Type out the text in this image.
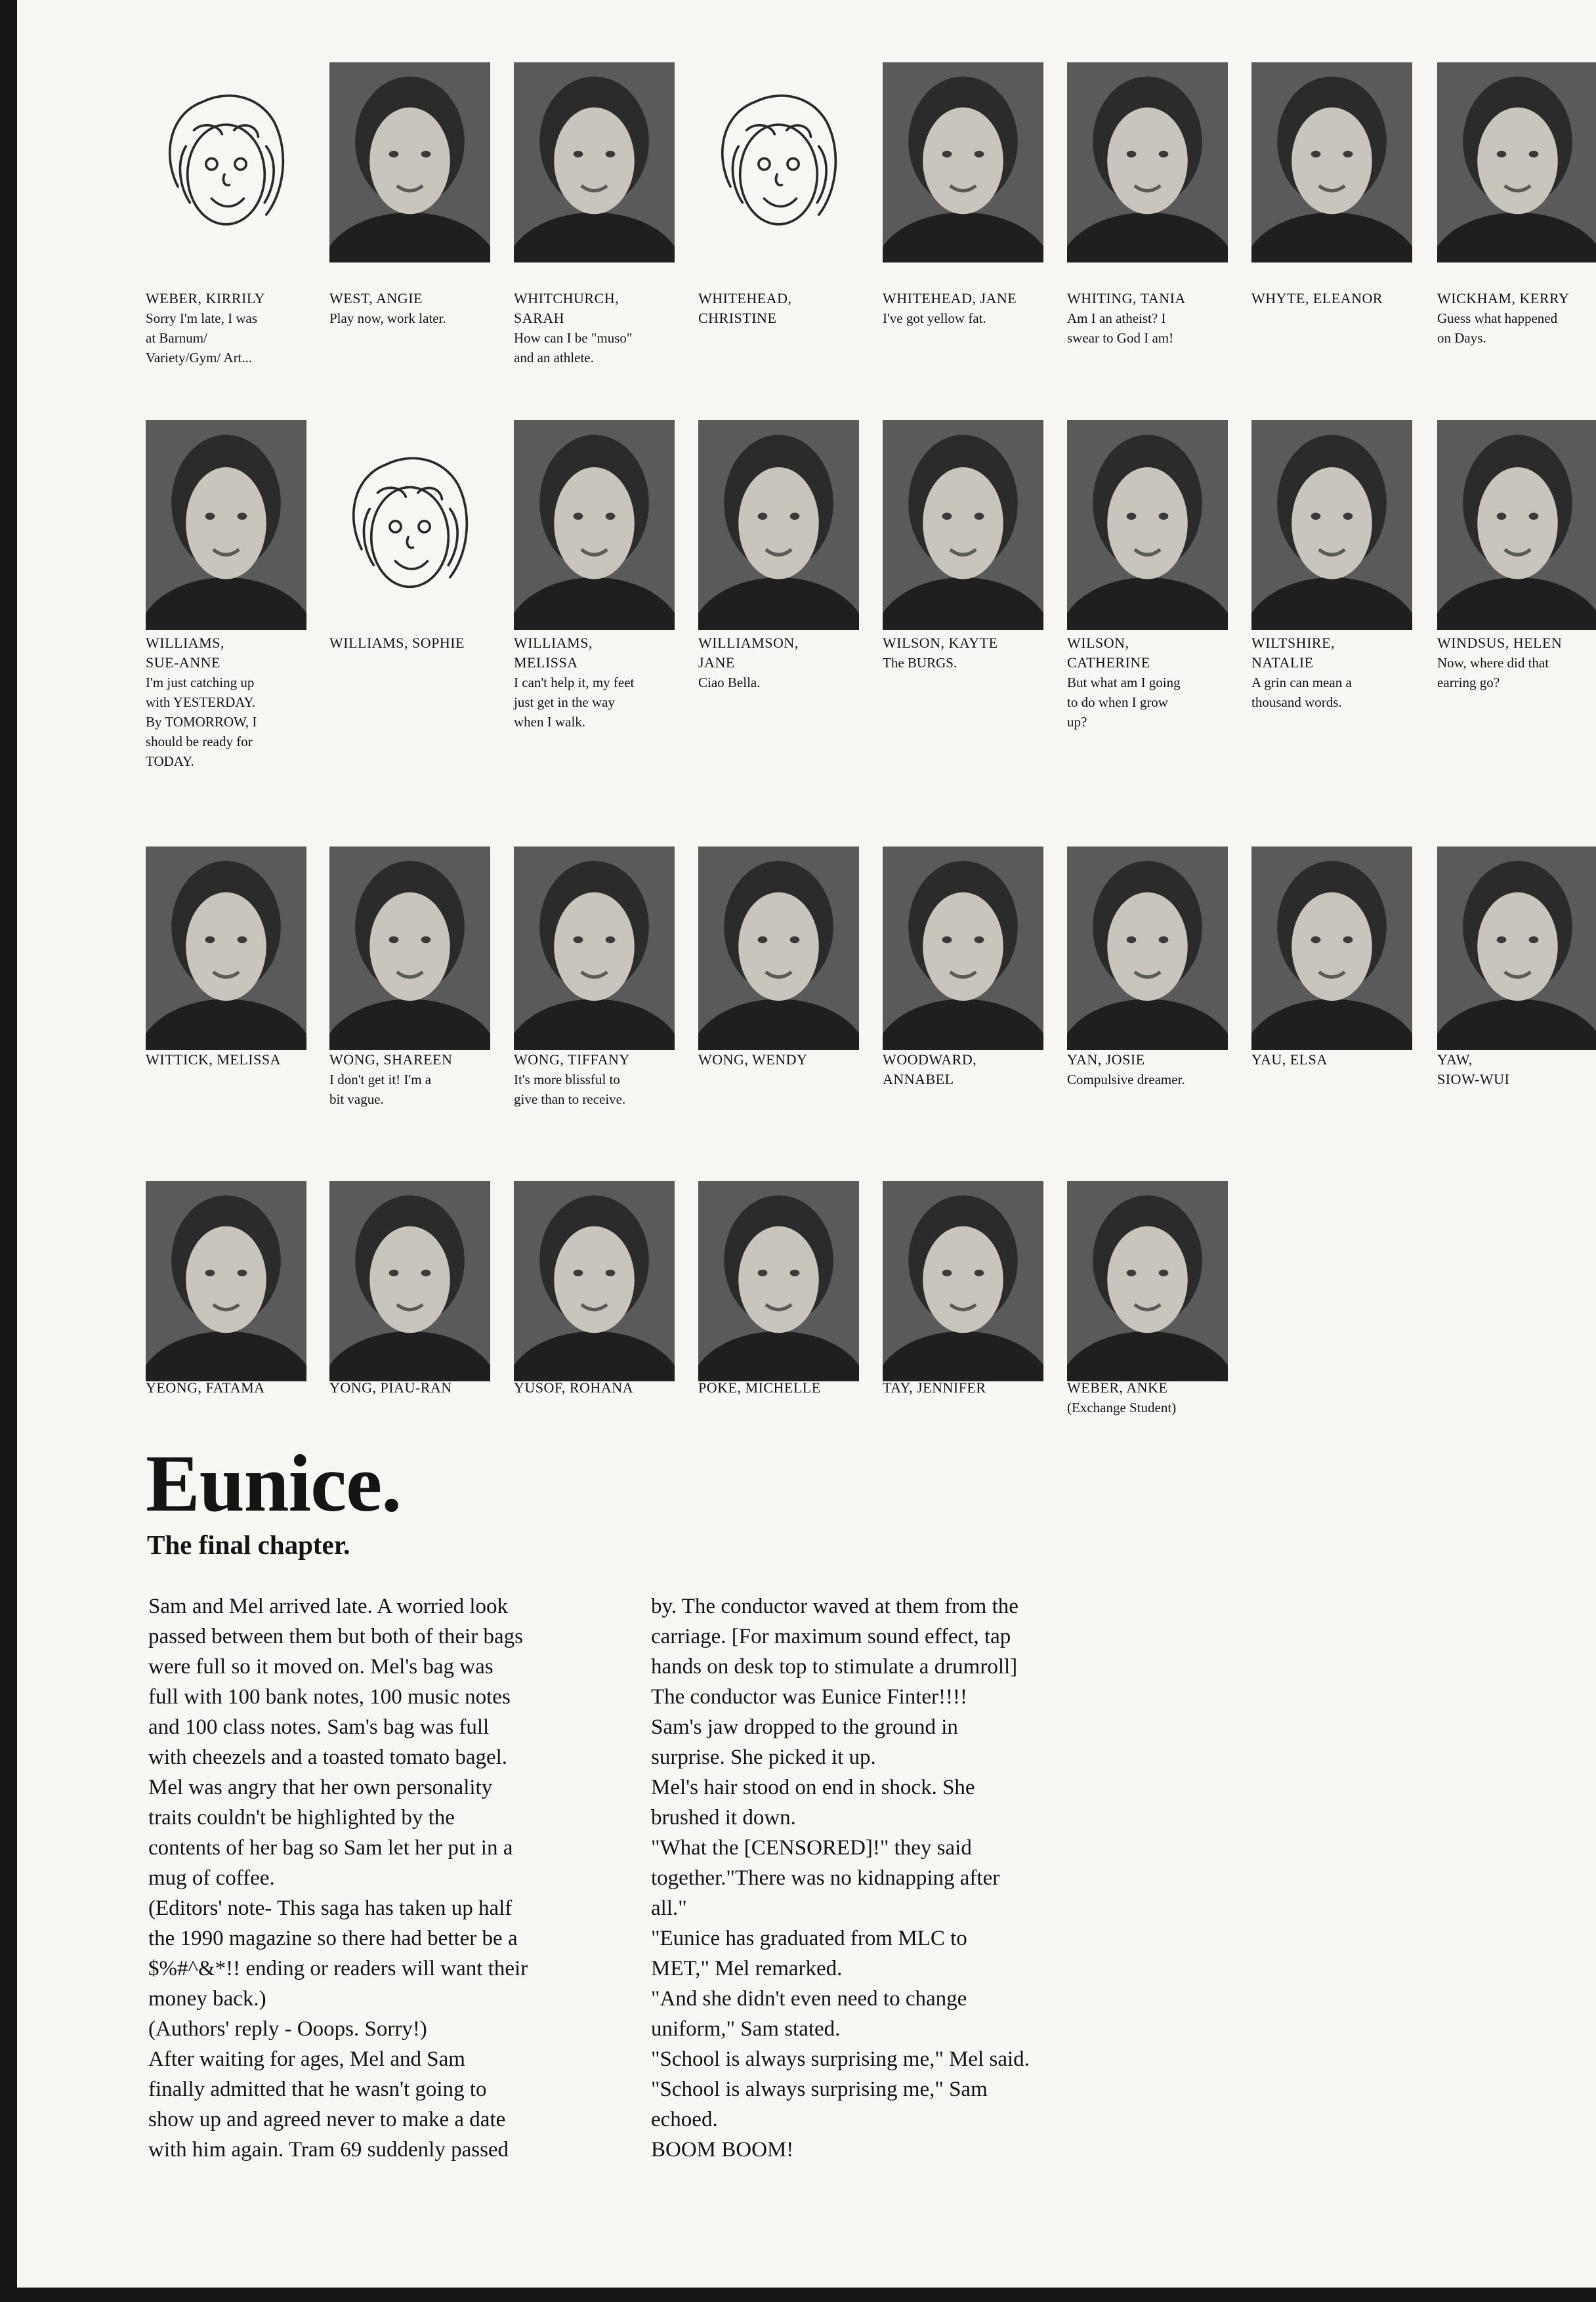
WEBER, KIRRILY
Sorry I'm late, I was
at Barnum/
Variety/Gym/ Art...
WEST, ANGIE
Play now, work later.
WHITCHURCH,
SARAH
How can I be "muso"
and an athlete.
WHITEHEAD,
CHRISTINE
WHITEHEAD, JANE
I've got yellow fat.
WHITING, TANIA
Am I an atheist? I
swear to God I am!
WHYTE, ELEANOR	WICKHAM, KERRY
Guess what happened
on Days.
WILLIAMS,
SUE-ANNE
I'm just catching up
with YESTERDAY.
By TOMORROW, I
should be ready for
TODAY.
WILLIAMS, SOPHIE	WILLIAMS,
MELISSA
I can't help it, my feet
just get in the way
when I walk.
WILLIAMSON,
JANE
Ciao Bella.
WILSON, KAYTE
The BURGS.
WILSON,
CATHERINE
But what am I going
to do when I grow
up?
WILTSHIRE,
NATALIE
A grin can mean a
thousand words.
WINDSUS, HELEN
Now, where did that
earring go?
WITTICK, MELISSA	WONG, SHAREEN
I don't get it! I'm a
bit vague.
WONG, TIFFANY
It's more blissful to
give than to receive.
WONG, WENDY	WOODWARD,
ANNABEL
YAN, JOSIE
Compulsive dreamer.
YAU, ELSA	YAW,
SIOW-WUI
YEONG, FATAMA	YONG, PIAU-RAN	YUSOF, ROHANA	POKE, MICHELLE	TAY, JENNIFER	WEBER, ANKE
(Exchange Student)
Eunice.
The final chapter.
Sam and Mel arrived late. A worried look
passed between them but both of their bags
were full so it moved on. Mel's bag was
full with 100 bank notes, 100 music notes
and 100 class notes. Sam's bag was full
with cheezels and a toasted tomato bagel.
Mel was angry that her own personality
traits couldn't be highlighted by the
contents of her bag so Sam let her put in a
mug of coffee.
(Editors' note- This saga has taken up half
the 1990 magazine so there had better be a
$%#^&*!! ending or readers will want their
money back.)
(Authors' reply - Ooops. Sorry!)
After waiting for ages, Mel and Sam
finally admitted that he wasn't going to
show up and agreed never to make a date
with him again. Tram 69 suddenly passed
by. The conductor waved at them from the
carriage. [For maximum sound effect, tap
hands on desk top to stimulate a drumroll]
The conductor was Eunice Finter!!!!
Sam's jaw dropped to the ground in
surprise. She picked it up.
Mel's hair stood on end in shock. She
brushed it down.
"What the [CENSORED]!" they said
together."There was no kidnapping after
all."
"Eunice has graduated from MLC to
MET," Mel remarked.
"And she didn't even need to change
uniform," Sam stated.
"School is always surprising me," Mel said.
"School is always surprising me," Sam
echoed.
BOOM BOOM!
